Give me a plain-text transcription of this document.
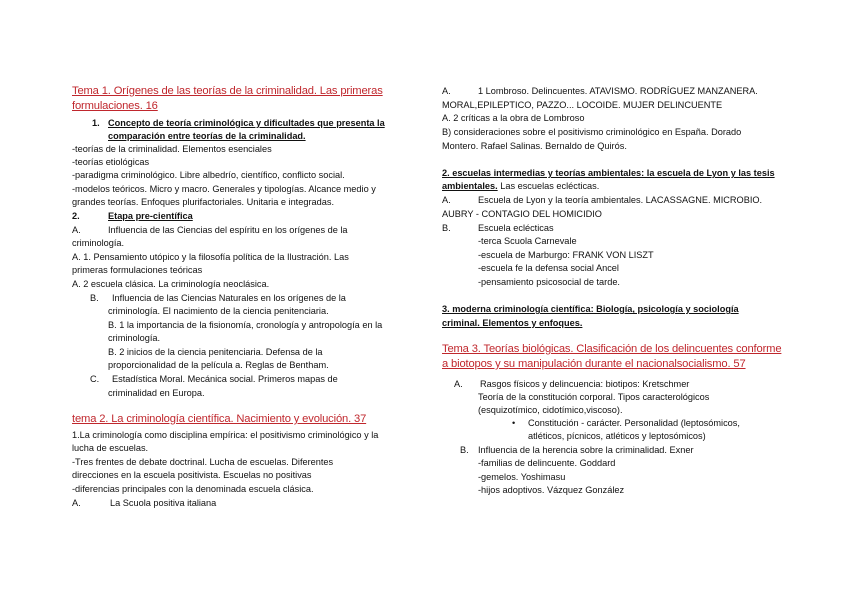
Tema 1. Orígenes de las teorías de la criminalidad. Las primeras
formulaciones. 16
1. Concepto de teoría criminológica y dificultades que presenta la
comparación entre teorías de la criminalidad.
-teorías de la criminalidad. Elementos esenciales
-teorías etiológicas
-paradigma criminológico. Libre albedrío, científico, conflicto social.
-modelos teóricos. Micro y macro. Generales y tipologías. Alcance medio y
grandes teorías. Enfoques plurifactoriales. Unitaria e integradas.
2.	Etapa pre-científica
A.	Influencia de las Ciencias del espíritu en los orígenes de la
criminología.
A. 1. Pensamiento utópico y la filosofía política de la Ilustración. Las
primeras formulaciones teóricas
A. 2 escuela clásica. La criminología neoclásica.
B. Influencia de las Ciencias Naturales en los orígenes de la
criminología. El nacimiento de la ciencia penitenciaria.
B. 1 la importancia de la fisionomía, cronología y antropología en la
criminología.
B. 2 inicios de la ciencia penitenciaria. Defensa de la
proporcionalidad de la película a. Reglas de Bentham.
C. Estadística Moral. Mecánica social. Primeros mapas de
criminalidad en Europa.
tema 2. La criminología científica. Nacimiento y evolución. 37
1.La criminología como disciplina empírica: el positivismo criminológico y la
lucha de escuelas.
-Tres frentes de debate doctrinal. Lucha de escuelas. Diferentes
direcciones en la escuela positivista. Escuelas no positivas
-diferencias principales con la denominada escuela clásica.
A.	La Scuola positiva italiana
A.	1 Lombroso. Delincuentes. ATAVISMO. RODRÍGUEZ MANZANERA.
MORAL,EPILEPTICO, PAZZO... LOCOIDE. MUJER DELINCUENTE
A. 2 críticas a la obra de Lombroso
B) consideraciones sobre el positivismo criminológico en España. Dorado
Montero. Rafael Salinas. Bernaldo de Quirós.
2. escuelas intermedias y teorías ambientales: la escuela de Lyon y las tesis
ambientales. Las escuelas eclécticas.
A.	Escuela de Lyon y la teoría ambientales. LACASSAGNE. MICROBIO.
AUBRY - CONTAGIO DEL HOMICIDIO
B.	Escuela eclécticas
-terca Scuola Carnevale
-escuela de Marburgo: FRANK VON LISZT
-escuela fe la defensa social Ancel
-pensamiento psicosocial de tarde.
3. moderna criminología científica: Biología, psicología y sociología
criminal. Elementos y enfoques.
Tema 3. Teorías biológicas. Clasificación de los delincuentes conforme
a biotopos y su manipulación durante el nacionalsocialismo. 57
A. Rasgos físicos y delincuencia: biotipos: Kretschmer
Teoría de la constitución corporal. Tipos caracterológicos
(esquizotímico, cidotímico,viscoso).
• Constitución - carácter. Personalidad (leptosómicos,
atléticos, pícnicos, atléticos y leptosómicos)
B. Influencia de la herencia sobre la criminalidad. Exner
-familias de delincuente. Goddard
-gemelos. Yoshimasu
-hijos adoptivos. Vázquez González
